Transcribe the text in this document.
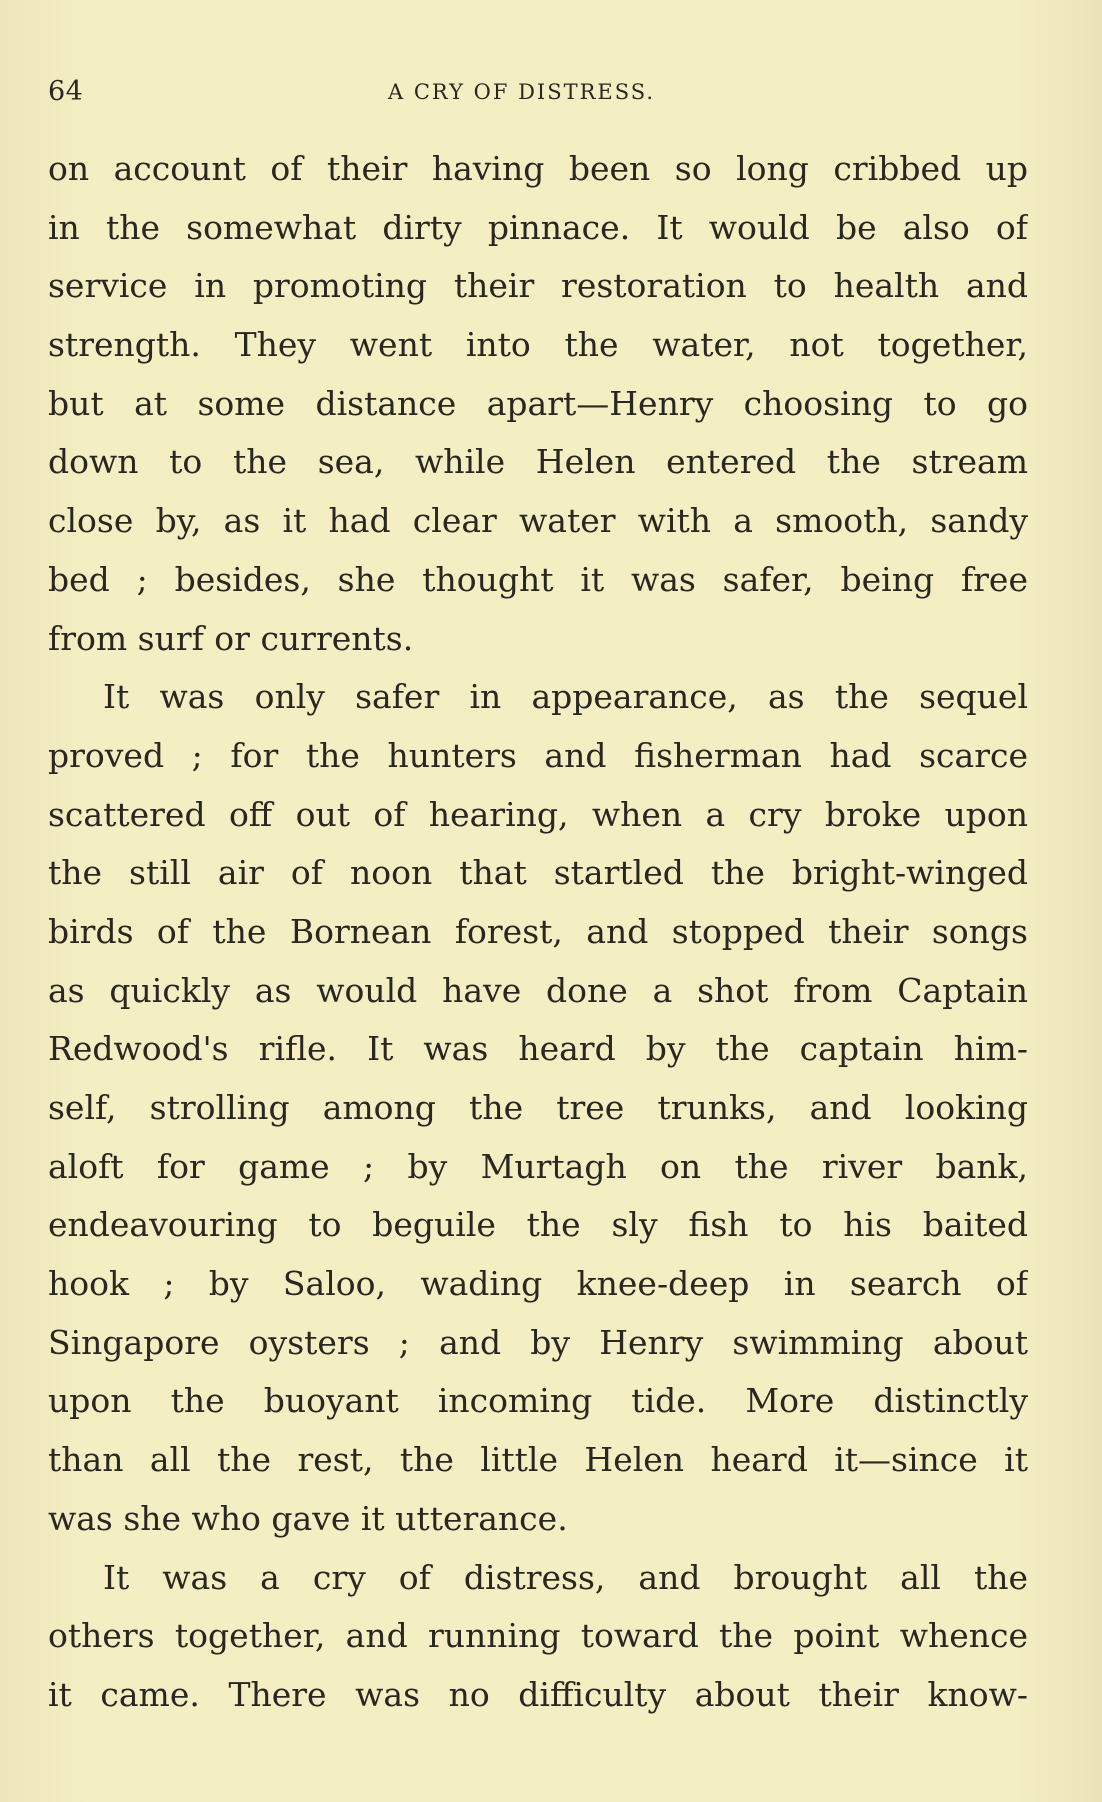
64	A CRY OF DISTRESS.
on account of their having been so long cribbed up
in the somewhat dirty pinnace. It would be also of
service in promoting their restoration to health and
strength. They went into the water, not together,
but at some distance apart—Henry choosing to go
down to the sea, while Helen entered the stream
close by, as it had clear water with a smooth, sandy
bed ; besides, she thought it was safer, being free
from surf or currents.
It was only safer in appearance, as the sequel
proved ; for the hunters and fisherman had scarce
scattered off out of hearing, when a cry broke upon
the still air of noon that startled the bright-winged
birds of the Bornean forest, and stopped their songs
as quickly as would have done a shot from Captain
Redwood's rifle. It was heard by the captain him-
self, strolling among the tree trunks, and looking
aloft for game ; by Murtagh on the river bank,
endeavouring to beguile the sly fish to his baited
hook ; by Saloo, wading knee-deep in search of
Singapore oysters ; and by Henry swimming about
upon the buoyant incoming tide. More distinctly
than all the rest, the little Helen heard it—since it
was she who gave it utterance.
It was a cry of distress, and brought all the
others together, and running toward the point whence
it came. There was no difficulty about their know-
